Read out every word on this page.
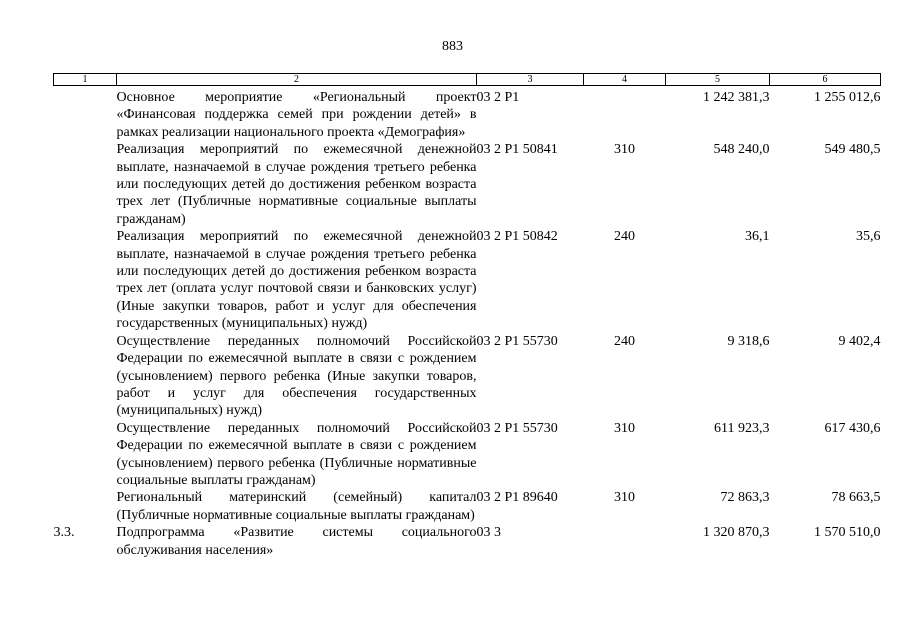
883
1	2	3	4	5	6

	Основное мероприятие «Региональный проект «Финансовая поддержка семей при рождении детей» в рамках реализации национального проекта «Демография»	03 2 P1		1 242 381,3	1 255 012,6

	Реализация мероприятий по ежемесячной денежной выплате, назначаемой в случае рождения третьего ребенка или последующих детей до достижения ребенком возраста трех лет (Публичные нормативные социальные выплаты гражданам)	03 2 P1 50841	310	548 240,0	549 480,5

	Реализация мероприятий по ежемесячной денежной выплате, назначаемой в случае рождения третьего ребенка или последующих детей до достижения ребенком возраста трех лет (оплата услуг почтовой связи и банковских услуг) (Иные закупки товаров, работ и услуг для обеспечения государственных (муниципальных) нужд)	03 2 P1 50842	240	36,1	35,6

	Осуществление переданных полномочий Российской Федерации по ежемесячной выплате в связи с рождением (усыновлением) первого ребенка (Иные закупки товаров, работ и услуг для обеспечения государственных (муниципальных) нужд)	03 2 P1 55730	240	9 318,6	9 402,4

	Осуществление переданных полномочий Российской Федерации по ежемесячной выплате в связи с рождением (усыновлением) первого ребенка (Публичные нормативные социальные выплаты гражданам)	03 2 P1 55730	310	611 923,3	617 430,6

	Региональный материнский (семейный) капитал (Публичные нормативные социальные выплаты гражданам)	03 2 P1 89640	310	72 863,3	78 663,5
3.3.	Подпрограмма «Развитие системы социального обслуживания населения»	03 3		1 320 870,3	1 570 510,0
